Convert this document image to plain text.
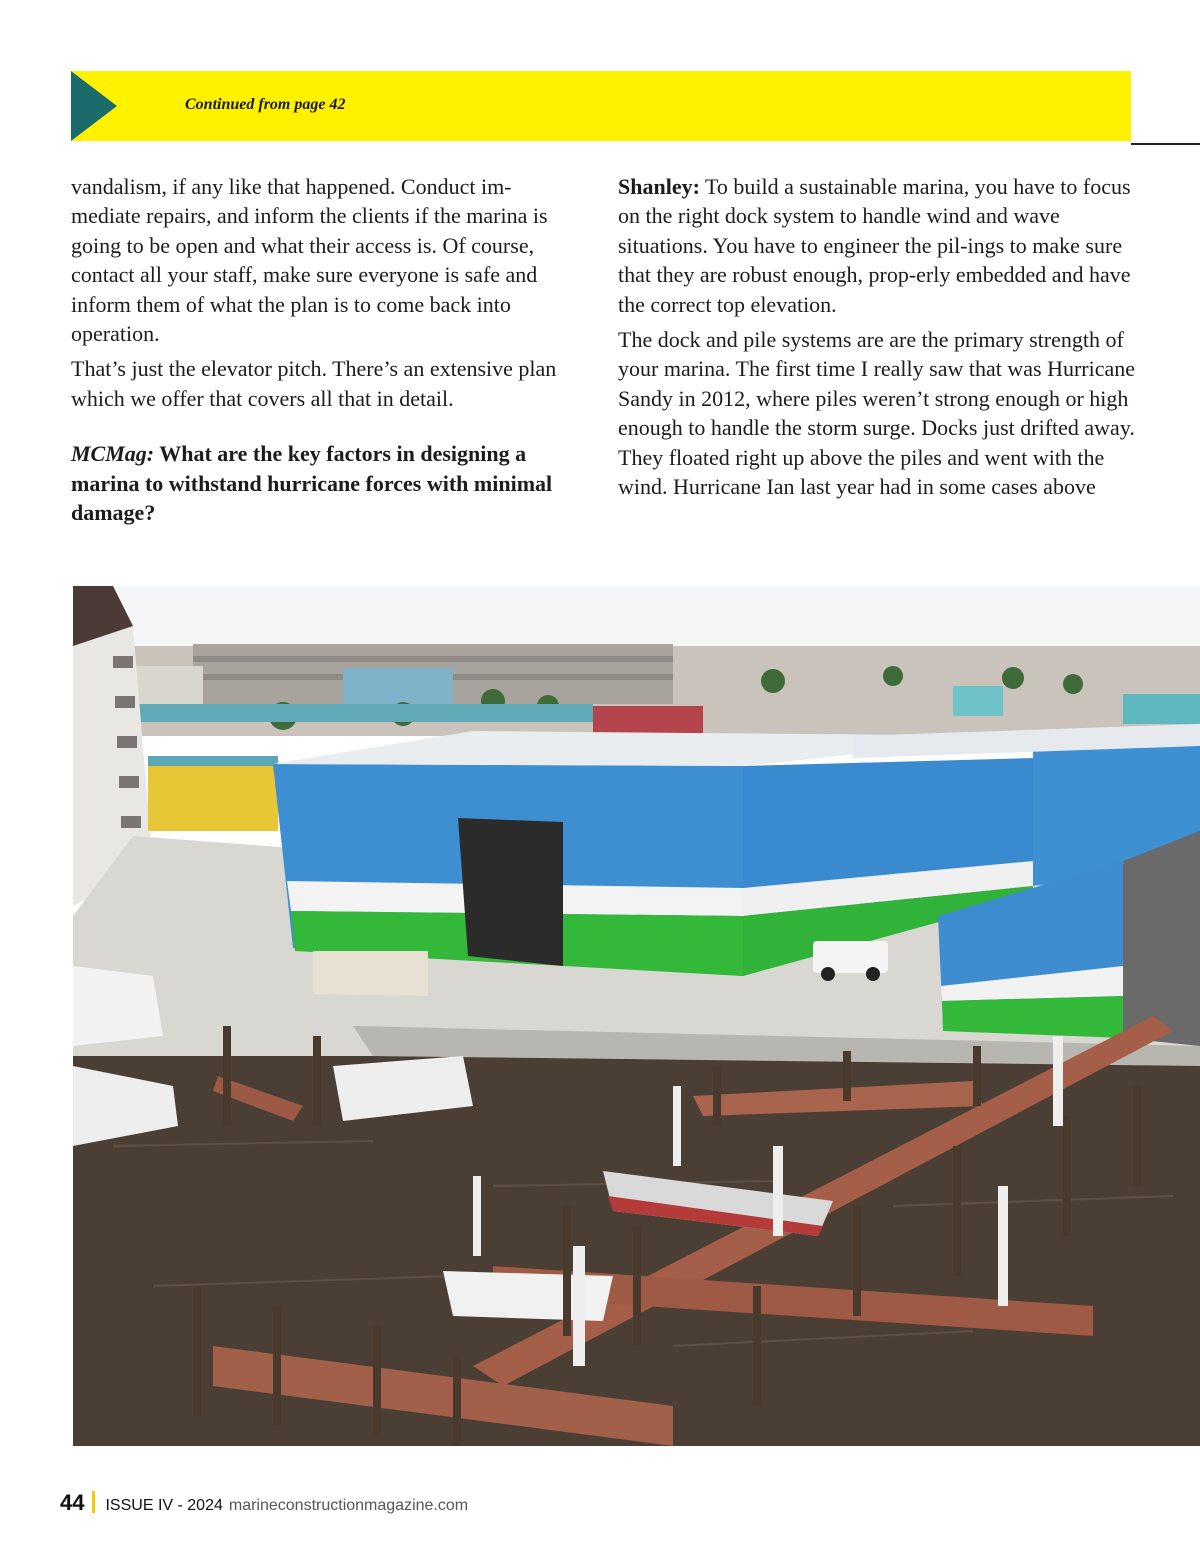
Continued from page 42

vandalism, if any like that happened. Conduct im-mediate repairs, and inform the clients if the marina is going to be open and what their access is. Of course, contact all your staff, make sure everyone is safe and inform them of what the plan is to come back into operation.

That’s just the elevator pitch. There’s an extensive plan which we offer that covers all that in detail.

MCMag: What are the key factors in designing a marina to withstand hurricane forces with minimal damage?

Shanley: To build a sustainable marina, you have to focus on the right dock system to handle wind and wave situations. You have to engineer the pil-ings to make sure that they are robust enough, prop-erly embedded and have the correct top elevation.

The dock and pile systems are are the primary strength of your marina. The first time I really saw that was Hurricane Sandy in 2012, where piles weren’t strong enough or high enough to handle the storm surge. Docks just drifted away. They floated right up above the piles and went with the wind. Hurricane Ian last year had in some cases above

44 ISSUE IV - 2024 marineconstructionmagazine.com
